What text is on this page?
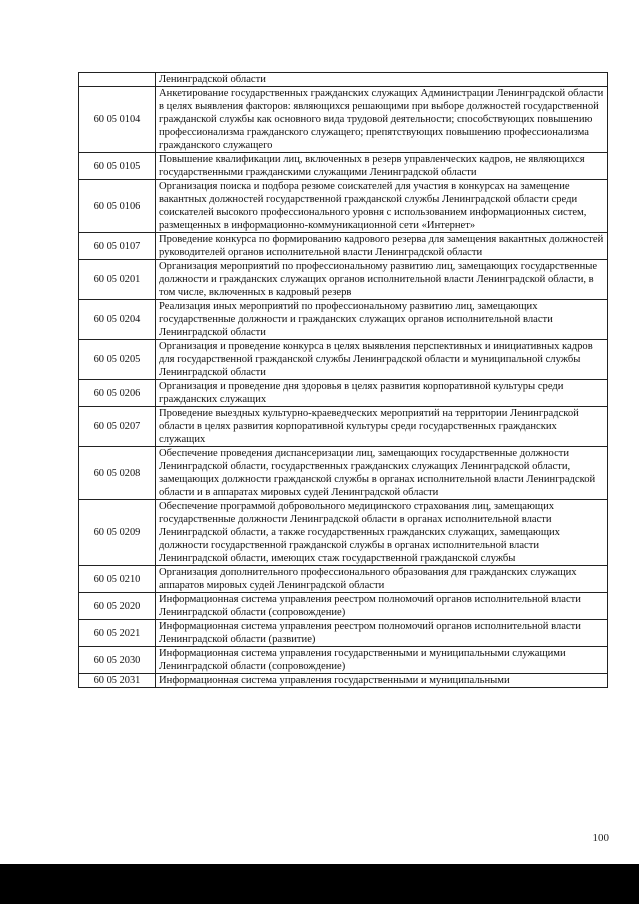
	Ленинградской области
60 05 0104	Анкетирование государственных гражданских служащих Администрации Ленинградской области в целях выявления факторов: являющихся решающими при выборе должностей государственной гражданской службы как основного вида трудовой деятельности; способствующих повышению профессионализма гражданского служащего; препятствующих повышению профессионализма гражданского служащего
60 05 0105	Повышение квалификации лиц, включенных в резерв управленческих кадров, не являющихся государственными гражданскими служащими Ленинградской области
60 05 0106	Организация поиска и подбора резюме соискателей для участия в конкурсах на замещение вакантных должностей государственной гражданской службы Ленинградской области среди соискателей высокого профессионального уровня с использованием информационных систем, размещенных в информационно-коммуникационной сети «Интернет»
60 05 0107	Проведение конкурса по формированию кадрового резерва для замещения вакантных должностей руководителей органов исполнительной власти Ленинградской области
60 05 0201	Организация мероприятий по профессиональному развитию лиц, замещающих государственные должности и гражданских служащих органов исполнительной власти Ленинградской области, в том числе, включенных в кадровый резерв
60 05 0204	Реализация иных мероприятий по профессиональному развитию лиц, замещающих государственные должности и гражданских служащих органов исполнительной власти Ленинградской области
60 05 0205	Организация и проведение конкурса в целях выявления перспективных и инициативных кадров для государственной гражданской службы Ленинградской области и муниципальной службы Ленинградской области
60 05 0206	Организация и проведение дня здоровья в целях развития корпоративной культуры среди гражданских служащих
60 05 0207	Проведение выездных культурно-краеведческих мероприятий на территории Ленинградской области в целях развития корпоративной культуры среди государственных гражданских служащих
60 05 0208	Обеспечение проведения диспансеризации лиц, замещающих государственные должности Ленинградской области, государственных гражданских служащих Ленинградской области, замещающих должности гражданской службы в органах исполнительной власти Ленинградской области и в аппаратах мировых судей Ленинградской области
60 05 0209	Обеспечение программой добровольного медицинского страхования лиц, замещающих государственные должности Ленинградской области в органах исполнительной власти Ленинградской области, а также государственных гражданских служащих, замещающих должности государственной гражданской службы в органах исполнительной власти Ленинградской области, имеющих стаж государственной гражданской службы
60 05 0210	Организация дополнительного профессионального образования для гражданских служащих аппаратов мировых судей Ленинградской области
60 05 2020	Информационная система управления реестром полномочий органов исполнительной власти Ленинградской области (сопровождение)
60 05 2021	Информационная система управления реестром полномочий органов исполнительной власти Ленинградской области (развитие)
60 05 2030	Информационная система управления государственными и муниципальными служащими Ленинградской области (сопровождение)
60 05 2031	Информационная система управления государственными и муниципальными
100
